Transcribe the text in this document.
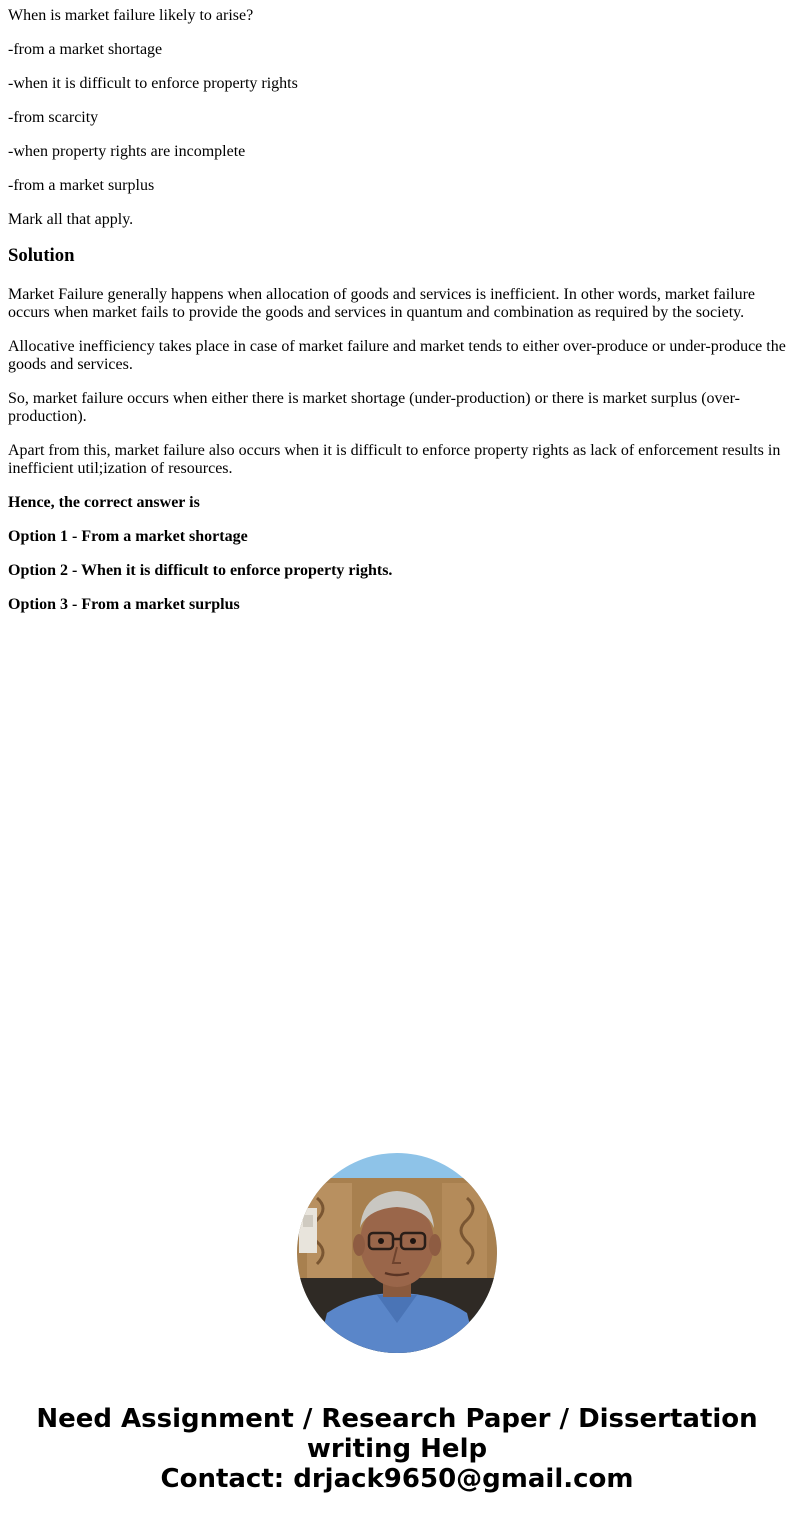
When is market failure likely to arise?

-from a market shortage

-when it is difficult to enforce property rights

-from scarcity

-when property rights are incomplete

-from a market surplus

Mark all that apply.

Solution

Market Failure generally happens when allocation of goods and services is inefficient. In other words, market failure occurs when market fails to provide the goods and services in quantum and combination as required by the society.

Allocative inefficiency takes place in case of market failure and market tends to either over-produce or under-produce the goods and services.

So, market failure occurs when either there is market shortage (under-production) or there is market surplus (over-production).

Apart from this, market failure also occurs when it is difficult to enforce property rights as lack of enforcement results in inefficient util;ization of resources.

Hence, the correct answer is

Option 1 - From a market shortage

Option 2 - When it is difficult to enforce property rights.

Option 3 - From a market surplus

Need Assignment / Research Paper / Dissertation
writing Help
Contact: drjack9650@gmail.com
